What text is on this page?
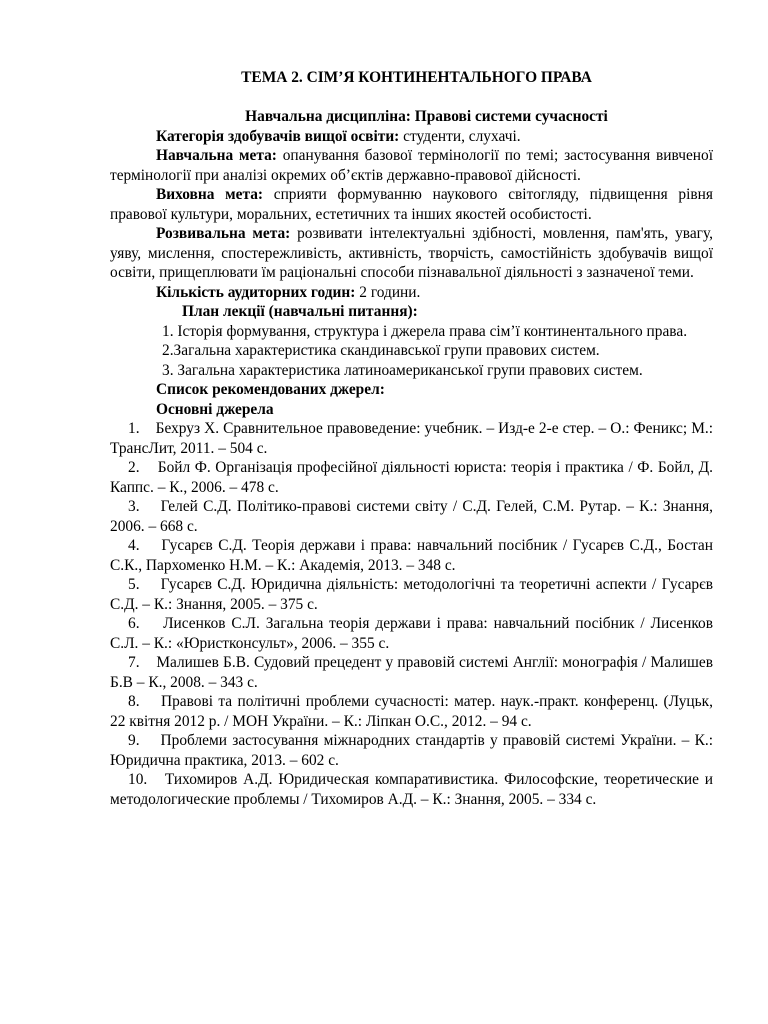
ТЕМА 2. СІМ’Я КОНТИНЕНТАЛЬНОГО ПРАВА

Навчальна дисципліна: Правові системи сучасності

Категорія здобувачів вищої освіти: студенти, слухачі.

Навчальна мета: опанування базової термінології по темі; застосування вивченої термінології при аналізі окремих об’єктів державно-правової дійсності.

Виховна мета: сприяти формуванню наукового світогляду, підвищення рівня правової культури, моральних, естетичних та інших якостей особистості.

Розвивальна мета: розвивати інтелектуальні здібності, мовлення, пам'ять, увагу, уяву, мислення, спостережливість, активність, творчість, самостійність здобувачів вищої освіти, прищеплювати їм раціональні способи пізнавальної діяльності з зазначеної теми.

Кількість аудиторних годин: 2 години.

План лекції (навчальні питання):

1. Історія формування, структура і джерела права сім’ї континентального права.

2.Загальна характеристика скандинавської групи правових систем.

3. Загальна характеристика латиноамериканської групи правових систем.

Список рекомендованих джерел:

Основні джерела

1. Бехруз Х. Сравнительное правоведение: учебник. – Изд-е 2-е стер. – О.: Феникс; М.: ТрансЛит, 2011. – 504 с.

2. Бойл Ф. Організація професійної діяльності юриста: теорія і практика / Ф. Бойл, Д. Каппс. – К., 2006. – 478 с.

3. Гелей С.Д. Політико-правові системи світу / С.Д. Гелей, С.М. Рутар. – К.: Знання, 2006. – 668 с.

4. Гусарєв С.Д. Теорія держави і права: навчальний посібник / Гусарєв С.Д., Бостан С.К., Пархоменко Н.М. – К.: Академія, 2013. – 348 с.

5. Гусарєв С.Д. Юридична діяльність: методологічні та теоретичні аспекти / Гусарєв С.Д. – К.: Знання, 2005. – 375 с.

6. Лисенков С.Л. Загальна теорія держави і права: навчальний посібник / Лисенков С.Л. – К.: «Юристконсульт», 2006. – 355 с.

7. Малишев Б.В. Судовий прецедент у правовій системі Англії: монографія / Малишев Б.В – К., 2008. – 343 с.

8. Правові та політичні проблеми сучасності: матер. наук.-практ. конференц. (Луцьк, 22 квітня 2012 р. / МОН України. – К.: Ліпкан О.С., 2012. – 94 с.

9. Проблеми застосування міжнародних стандартів у правовій системі України. – К.: Юридична практика, 2013. – 602 с.

10. Тихомиров А.Д. Юридическая компаративистика. Философские, теоретические и методологические проблемы / Тихомиров А.Д. – К.: Знання, 2005. – 334 с.
